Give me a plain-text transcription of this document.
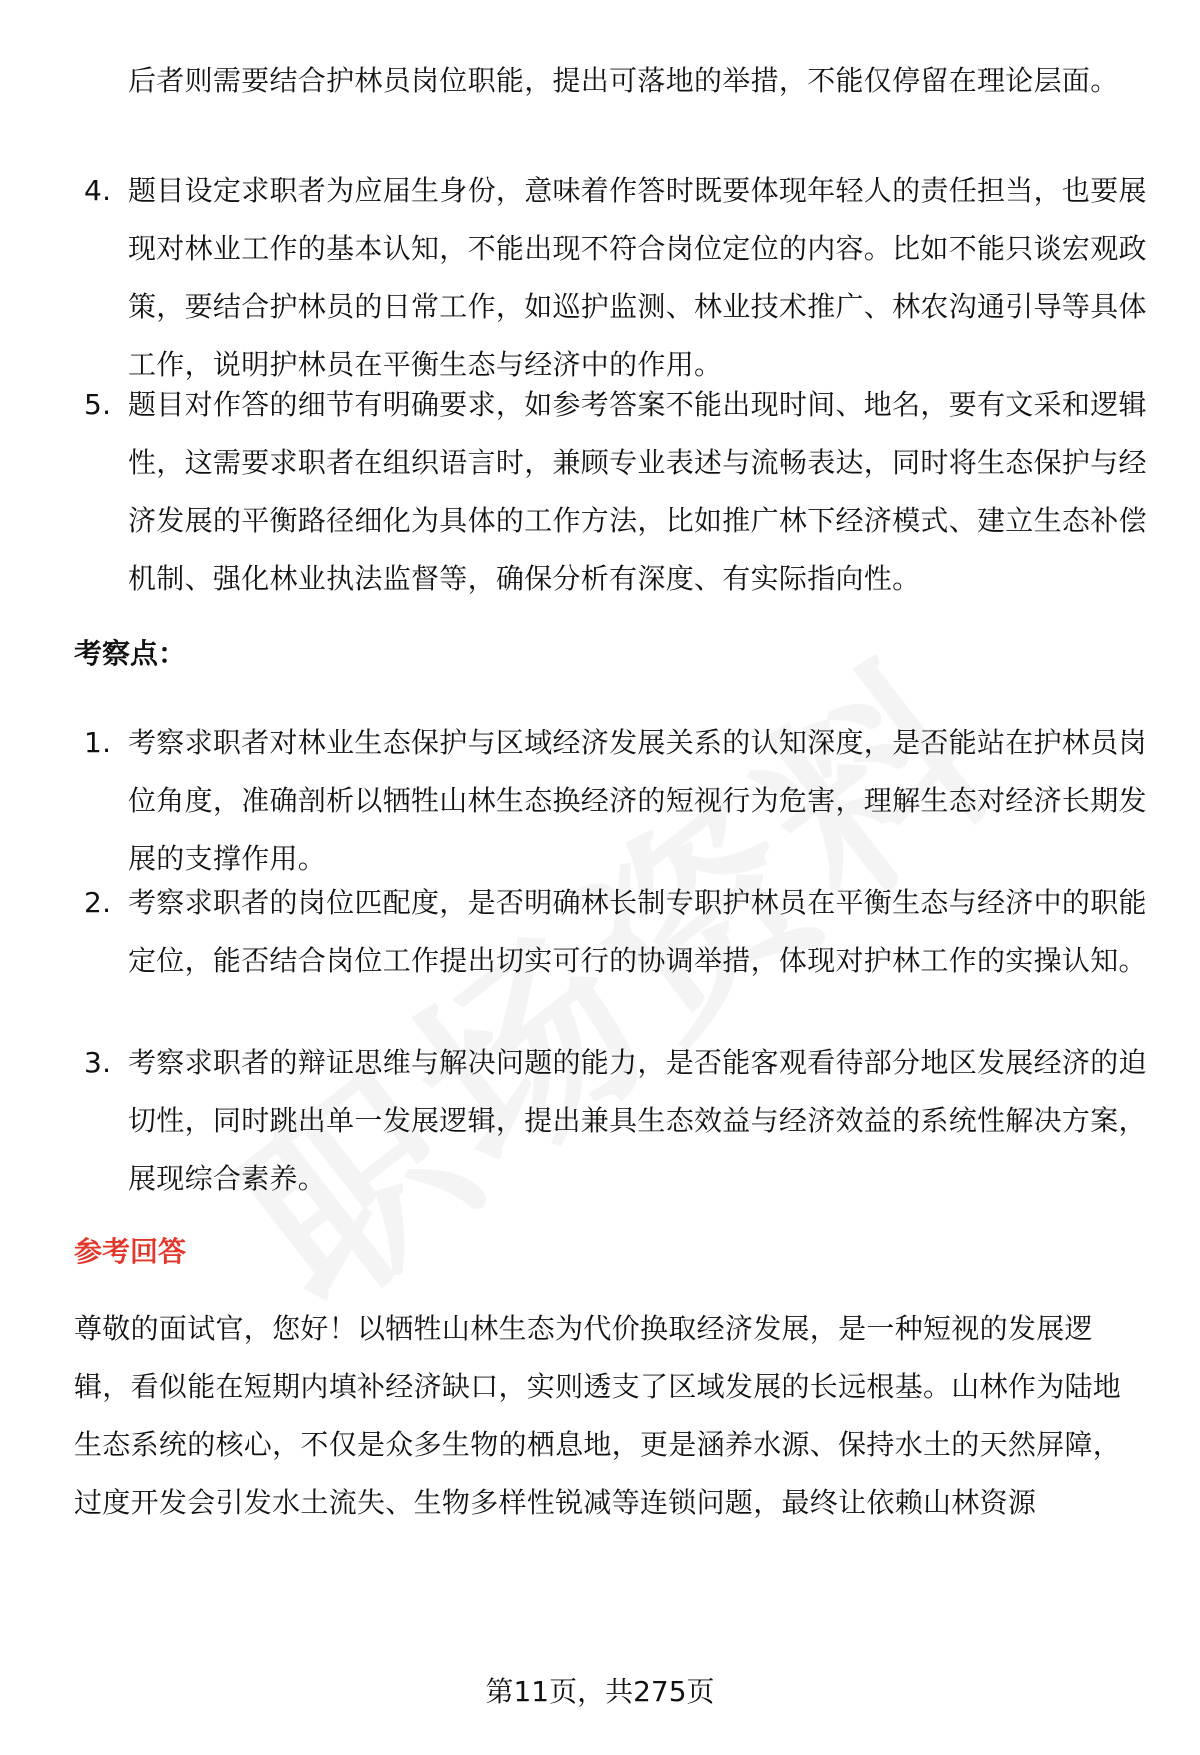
后者则需要结合护林员岗位职能，提出可落地的举措，不能仅停留在理论层面。
4. 题目设定求职者为应届生身份，意味着作答时既要体现年轻人的责任担当，也要展现对林业工作的基本认知，不能出现不符合岗位定位的内容。比如不能只谈宏观政策，要结合护林员的日常工作，如巡护监测、林业技术推广、林农沟通引导等具体工作，说明护林员在平衡生态与经济中的作用。
5. 题目对作答的细节有明确要求，如参考答案不能出现时间、地名，要有文采和逻辑性，这需要求职者在组织语言时，兼顾专业表述与流畅表达，同时将生态保护与经济发展的平衡路径细化为具体的工作方法，比如推广林下经济模式、建立生态补偿机制、强化林业执法监督等，确保分析有深度、有实际指向性。
考察点：
1. 考察求职者对林业生态保护与区域经济发展关系的认知深度，是否能站在护林员岗位角度，准确剖析以牺牲山林生态换经济的短视行为危害，理解生态对经济长期发展的支撑作用。
2. 考察求职者的岗位匹配度，是否明确林长制专职护林员在平衡生态与经济中的职能定位，能否结合岗位工作提出切实可行的协调举措，体现对护林工作的实操认知。
3. 考察求职者的辩证思维与解决问题的能力，是否能客观看待部分地区发展经济的迫切性，同时跳出单一发展逻辑，提出兼具生态效益与经济效益的系统性解决方案，展现综合素养。
参考回答
尊敬的面试官，您好！以牺牲山林生态为代价换取经济发展，是一种短视的发展逻辑，看似能在短期内填补经济缺口，实则透支了区域发展的长远根基。山林作为陆地生态系统的核心，不仅是众多生物的栖息地，更是涵养水源、保持水土的天然屏障，过度开发会引发水土流失、生物多样性锐减等连锁问题，最终让依赖山林资源
第11页，共275页
